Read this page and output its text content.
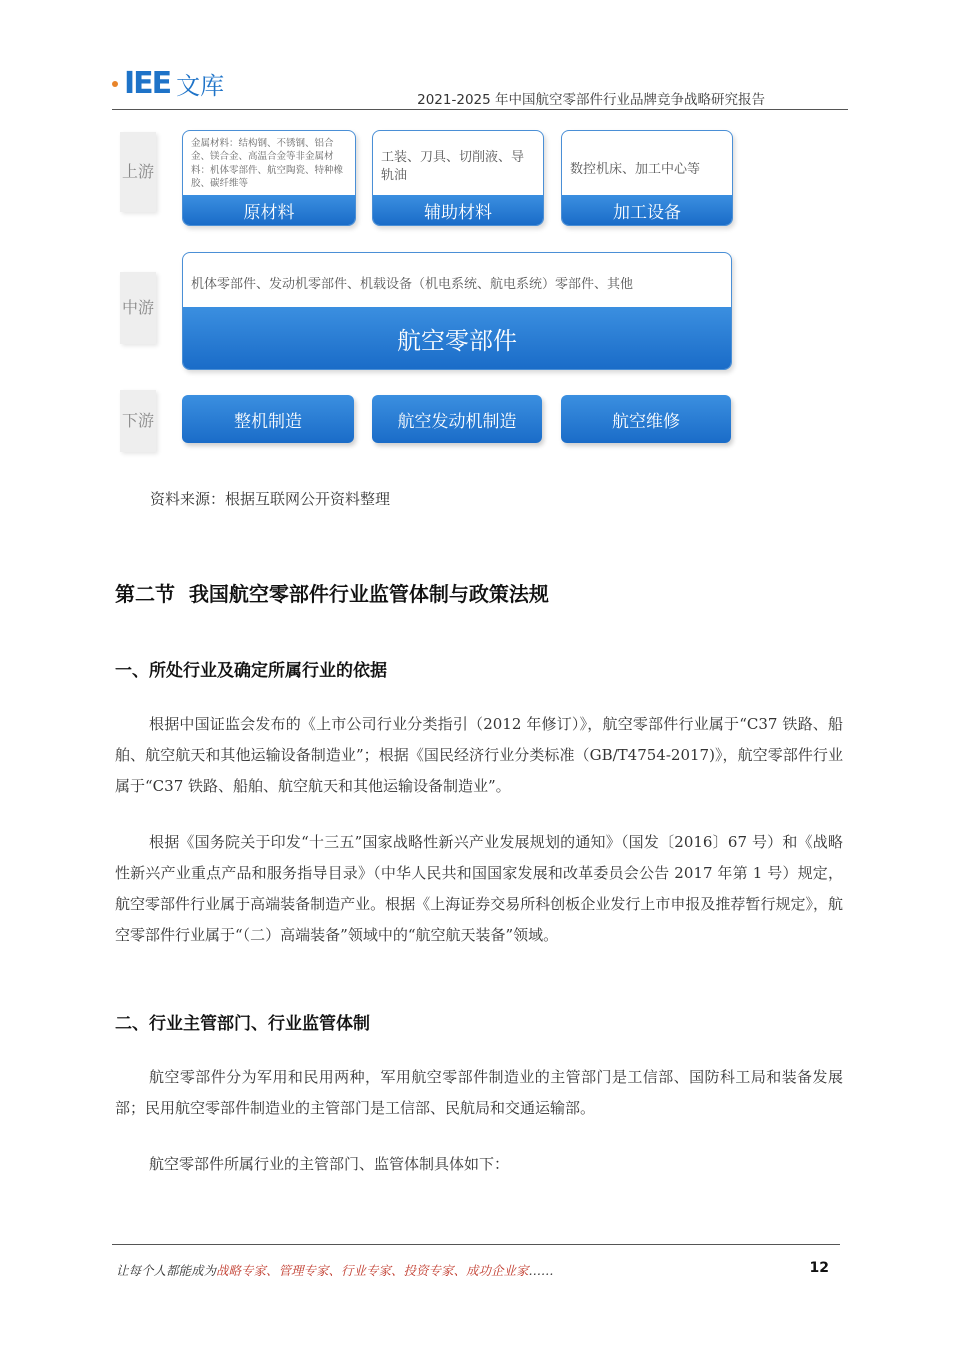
IEE 文库	2021-2025 年中国航空零部件行业品牌竞争战略研究报告
上游
中游
下游
金属材料：结构钢、不锈钢、铝合金、镁合金、高温合金等非金属材料：机体零部件、航空陶瓷、特种橡胶、碳纤维等
原材料
工装、刀具、切削液、导轨油
辅助材料
数控机床、加工中心等
加工设备
机体零部件、发动机零部件、机载设备（机电系统、航电系统）零部件、其他
航空零部件
整机制造	航空发动机制造	航空维修
资料来源：根据互联网公开资料整理
第二节  我国航空零部件行业监管体制与政策法规
一、所处行业及确定所属行业的依据
根据中国证监会发布的《上市公司行业分类指引（2012 年修订）》，航空零部件行业属于“C37 铁路、船舶、航空航天和其他运输设备制造业”；根据《国民经济行业分类标准（GB/T4754-2017)》，航空零部件行业属于“C37 铁路、船舶、航空航天和其他运输设备制造业”。
根据《国务院关于印发“十三五”国家战略性新兴产业发展规划的通知》（国发〔2016〕67 号）和《战略性新兴产业重点产品和服务指导目录》（中华人民共和国国家发展和改革委员会公告 2017 年第 1 号）规定，航空零部件行业属于高端装备制造产业。根据《上海证券交易所科创板企业发行上市申报及推荐暂行规定》，航空零部件行业属于“（二）高端装备”领域中的“航空航天装备”领域。
二、行业主管部门、行业监管体制
航空零部件分为军用和民用两种，军用航空零部件制造业的主管部门是工信部、国防科工局和装备发展部；民用航空零部件制造业的主管部门是工信部、民航局和交通运输部。
航空零部件所属行业的主管部门、监管体制具体如下：
让每个人都能成为战略专家、管理专家、行业专家、投资专家、成功企业家……	12
